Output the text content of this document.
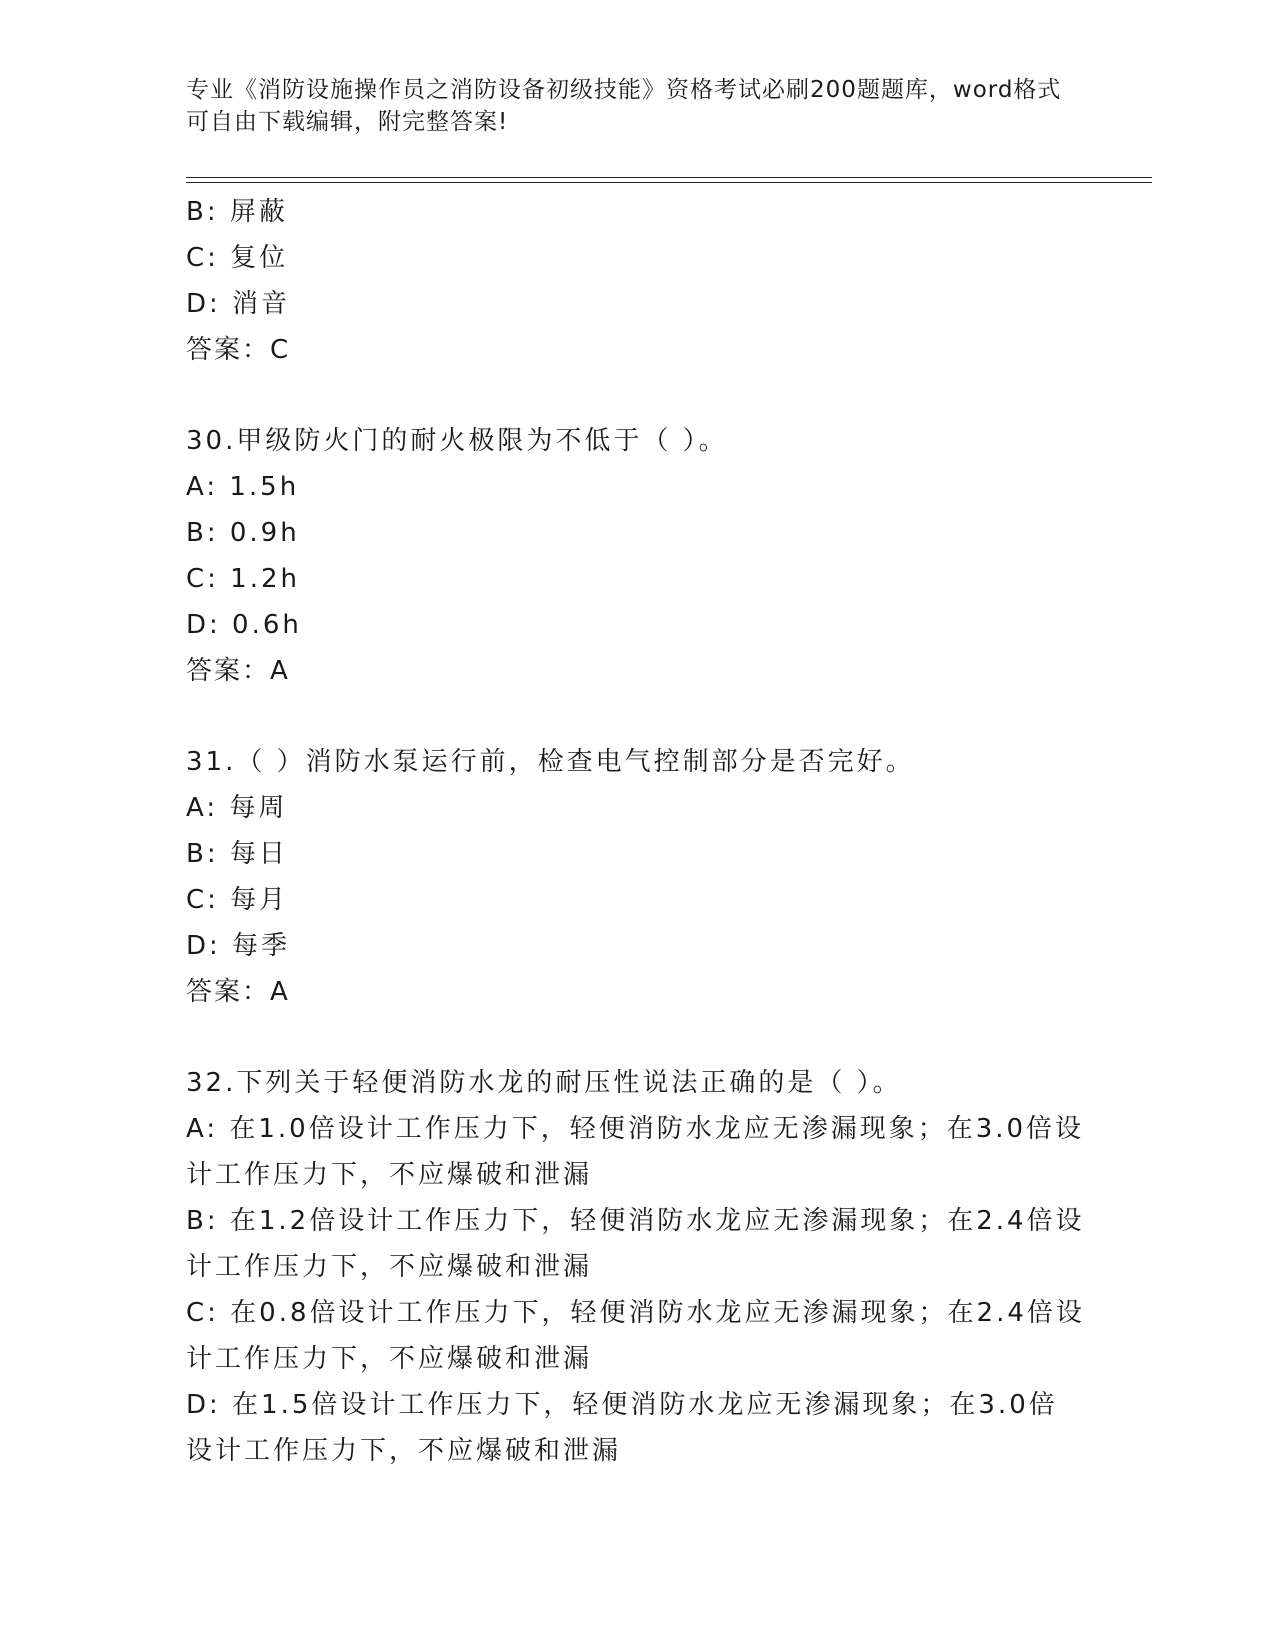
专业《消防设施操作员之消防设备初级技能》资格考试必刷200题题库，word格式可自由下载编辑，附完整答案!
B: 屏蔽
C: 复位
D: 消音
答案：C
30.甲级防火门的耐火极限为不低于（ ）。
A: 1.5h
B: 0.9h
C: 1.2h
D: 0.6h
答案：A
31.（ ）消防水泵运行前，检查电气控制部分是否完好。
A: 每周
B: 每日
C: 每月
D: 每季
答案：A
32.下列关于轻便消防水龙的耐压性说法正确的是（ ）。
A: 在1.0倍设计工作压力下，轻便消防水龙应无渗漏现象；在3.0倍设计工作压力下，不应爆破和泄漏
B: 在1.2倍设计工作压力下，轻便消防水龙应无渗漏现象；在2.4倍设计工作压力下，不应爆破和泄漏
C: 在0.8倍设计工作压力下，轻便消防水龙应无渗漏现象；在2.4倍设计工作压力下，不应爆破和泄漏
D: 在1.5倍设计工作压力下，轻便消防水龙应无渗漏现象；在3.0倍设计工作压力下，不应爆破和泄漏
